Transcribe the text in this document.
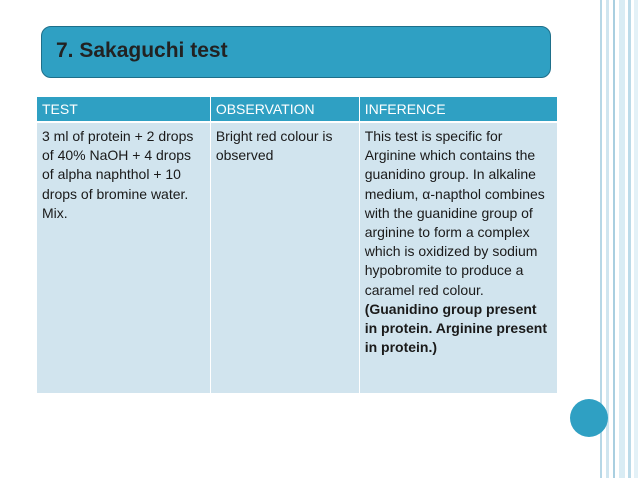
7. Sakaguchi test
TEST	OBSERVATION	INFERENCE
3 ml of protein + 2 drops of 40% NaOH + 4 drops of alpha naphthol + 10 drops of bromine water. Mix.	Bright red colour is observed	This test is specific for Arginine which contains the guanidino group. In alkaline medium, α-napthol combines with the guanidine group of arginine to form a complex which is oxidized by sodium hypobromite to produce a caramel red colour. (Guanidino group present in protein. Arginine present in protein.)
